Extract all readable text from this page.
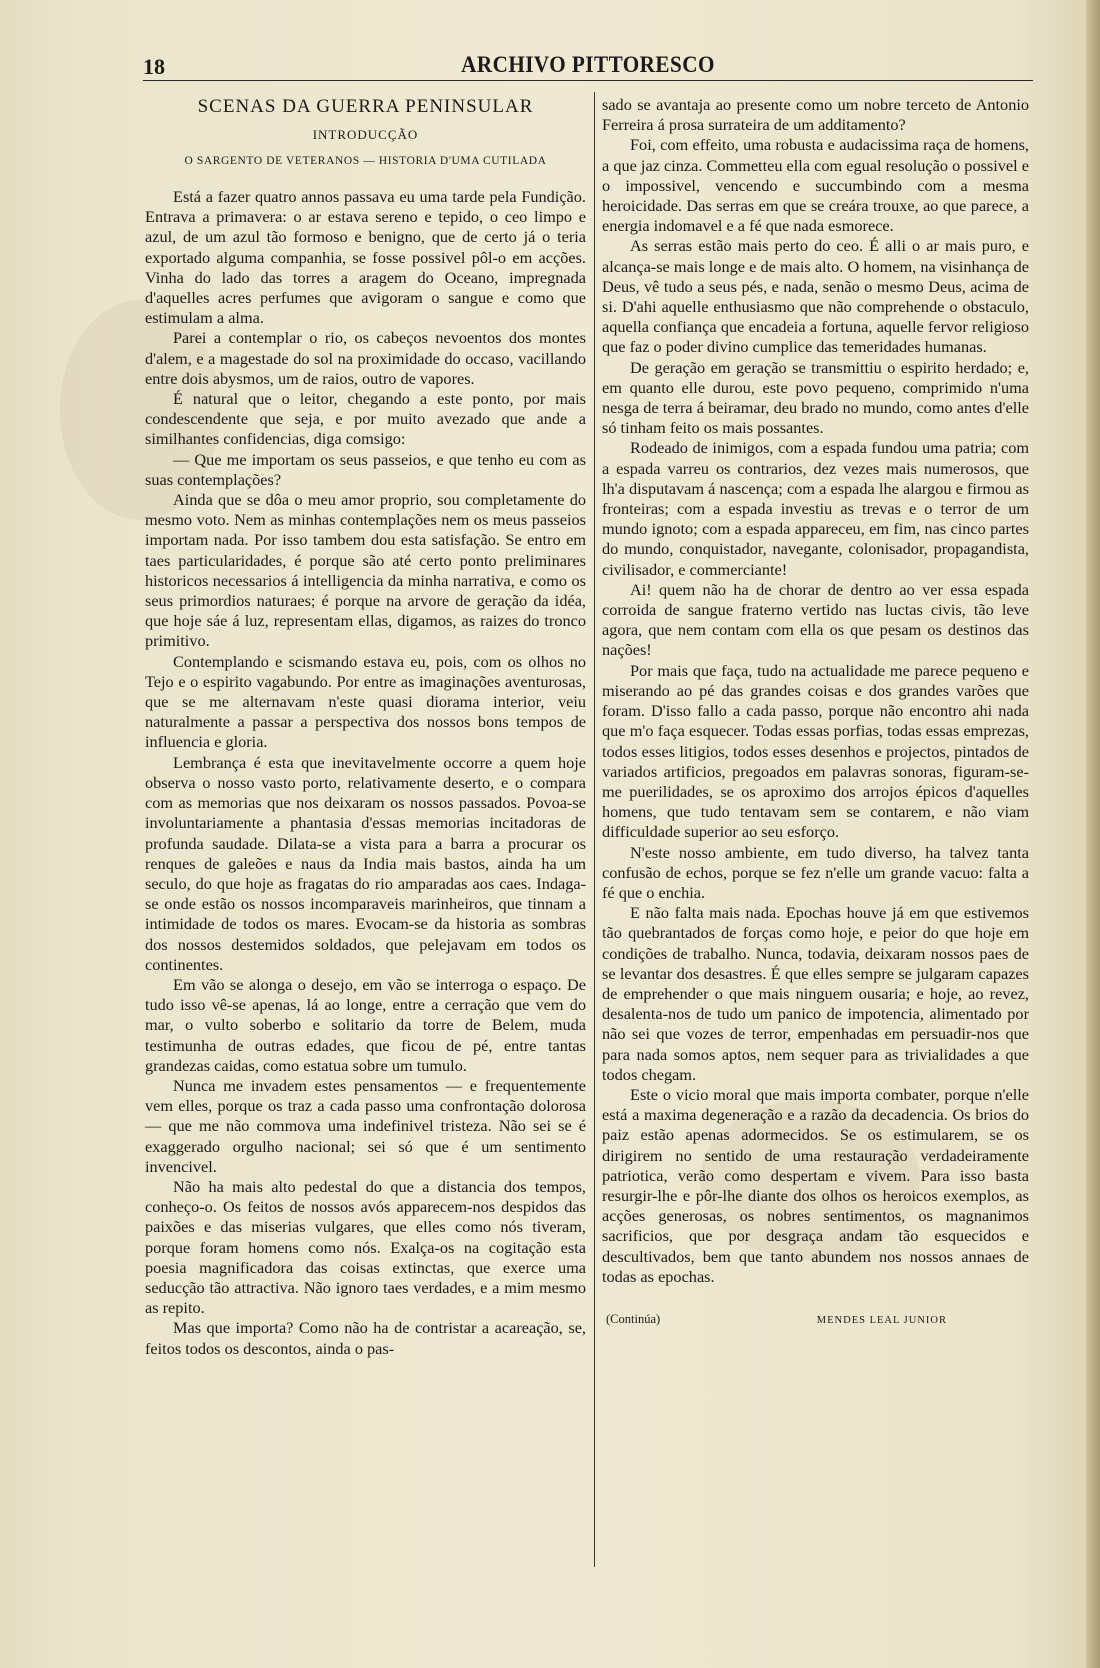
18	ARCHIVO PITTORESCO
SCENAS DA GUERRA PENINSULAR
INTRODUCÇÃO
O SARGENTO DE VETERANOS — HISTORIA D'UMA CUTILADA

Está a fazer quatro annos passava eu uma tarde pela Fundição. Entrava a primavera: o ar estava sereno e tepido, o ceo limpo e azul, de um azul tão formoso e benigno, que de certo já o teria exportado alguma companhia, se fosse possivel pôl-o em acções. Vinha do lado das torres a aragem do Oceano, impregnada d'aquelles acres perfumes que avigoram o sangue e como que estimulam a alma.

Parei a contemplar o rio, os cabeços nevoentos dos montes d'alem, e a magestade do sol na proximidade do occaso, vacillando entre dois abysmos, um de raios, outro de vapores.

É natural que o leitor, chegando a este ponto, por mais condescendente que seja, e por muito avezado que ande a similhantes confidencias, diga comsigo:

— Que me importam os seus passeios, e que tenho eu com as suas contemplações?

Ainda que se dôa o meu amor proprio, sou completamente do mesmo voto. Nem as minhas contemplações nem os meus passeios importam nada. Por isso tambem dou esta satisfação. Se entro em taes particularidades, é porque são até certo ponto preliminares historicos necessarios á intelligencia da minha narrativa, e como os seus primordios naturaes; é porque na arvore de geração da idéa, que hoje sáe á luz, representam ellas, digamos, as raizes do tronco primitivo.

Contemplando e scismando estava eu, pois, com os olhos no Tejo e o espirito vagabundo. Por entre as imaginações aventurosas, que se me alternavam n'este quasi diorama interior, veiu naturalmente a passar a perspectiva dos nossos bons tempos de influencia e gloria.

Lembrança é esta que inevitavelmente occorre a quem hoje observa o nosso vasto porto, relativamente deserto, e o compara com as memorias que nos deixaram os nossos passados. Povoa-se involuntariamente a phantasia d'essas memorias incitadoras de profunda saudade. Dilata-se a vista para a barra a procurar os renques de galeões e naus da India mais bastos, ainda ha um seculo, do que hoje as fragatas do rio amparadas aos caes. Indaga-se onde estão os nossos incomparaveis marinheiros, que tinnam a intimidade de todos os mares. Evocam-se da historia as sombras dos nossos destemidos soldados, que pelejavam em todos os continentes.

Em vão se alonga o desejo, em vão se interroga o espaço. De tudo isso vê-se apenas, lá ao longe, entre a cerração que vem do mar, o vulto soberbo e solitario da torre de Belem, muda testimunha de outras edades, que ficou de pé, entre tantas grandezas caidas, como estatua sobre um tumulo.

Nunca me invadem estes pensamentos — e frequentemente vem elles, porque os traz a cada passo uma confrontação dolorosa — que me não commova uma indefinivel tristeza. Não sei se é exaggerado orgulho nacional; sei só que é um sentimento invencivel.

Não ha mais alto pedestal do que a distancia dos tempos, conheço-o. Os feitos de nossos avós apparecem-nos despidos das paixões e das miserias vulgares, que elles como nós tiveram, porque foram homens como nós. Exalça-os na cogitação esta poesia magnificadora das coisas extinctas, que exerce uma seducção tão attractiva. Não ignoro taes verdades, e a mim mesmo as repito.

Mas que importa? Como não ha de contristar a acareação, se, feitos todos os descontos, ainda o pas-

sado se avantaja ao presente como um nobre terceto de Antonio Ferreira á prosa surrateira de um additamento?

Foi, com effeito, uma robusta e audacissima raça de homens, a que jaz cinza. Commetteu ella com egual resolução o possivel e o impossivel, vencendo e succumbindo com a mesma heroicidade. Das serras em que se creára trouxe, ao que parece, a energia indomavel e a fé que nada esmorece.

As serras estão mais perto do ceo. É alli o ar mais puro, e alcança-se mais longe e de mais alto. O homem, na visinhança de Deus, vê tudo a seus pés, e nada, senão o mesmo Deus, acima de si. D'ahi aquelle enthusiasmo que não comprehende o obstaculo, aquella confiança que encadeia a fortuna, aquelle fervor religioso que faz o poder divino cumplice das temeridades humanas.

De geração em geração se transmittiu o espirito herdado; e, em quanto elle durou, este povo pequeno, comprimido n'uma nesga de terra á beiramar, deu brado no mundo, como antes d'elle só tinham feito os mais possantes.

Rodeado de inimigos, com a espada fundou uma patria; com a espada varreu os contrarios, dez vezes mais numerosos, que lh'a disputavam á nascença; com a espada lhe alargou e firmou as fronteiras; com a espada investiu as trevas e o terror de um mundo ignoto; com a espada appareceu, em fim, nas cinco partes do mundo, conquistador, navegante, colonisador, propagandista, civilisador, e commerciante!

Ai! quem não ha de chorar de dentro ao ver essa espada corroida de sangue fraterno vertido nas luctas civis, tão leve agora, que nem contam com ella os que pesam os destinos das nações!

Por mais que faça, tudo na actualidade me parece pequeno e miserando ao pé das grandes coisas e dos grandes varões que foram. D'isso fallo a cada passo, porque não encontro ahi nada que m'o faça esquecer. Todas essas porfias, todas essas emprezas, todos esses litigios, todos esses desenhos e projectos, pintados de variados artificios, pregoados em palavras sonoras, figuram-se-me puerilidades, se os aproximo dos arrojos épicos d'aquelles homens, que tudo tentavam sem se contarem, e não viam difficuldade superior ao seu esforço.

N'este nosso ambiente, em tudo diverso, ha talvez tanta confusão de echos, porque se fez n'elle um grande vacuo: falta a fé que o enchia.

E não falta mais nada. Epochas houve já em que estivemos tão quebrantados de forças como hoje, e peior do que hoje em condições de trabalho. Nunca, todavia, deixaram nossos paes de se levantar dos desastres. É que elles sempre se julgaram capazes de emprehender o que mais ninguem ousaria; e hoje, ao revez, desalenta-nos de tudo um panico de impotencia, alimentado por não sei que vozes de terror, empenhadas em persuadir-nos que para nada somos aptos, nem sequer para as trivialidades a que todos chegam.

Este o vicio moral que mais importa combater, porque n'elle está a maxima degeneração e a razão da decadencia. Os brios do paiz estão apenas adormecidos. Se os estimularem, se os dirigirem no sentido de uma restauração verdadeiramente patriotica, verão como despertam e vivem. Para isso basta resurgir-lhe e pôr-lhe diante dos olhos os heroicos exemplos, as acções generosas, os nobres sentimentos, os magnanimos sacrificios, que por desgraça andam tão esquecidos e descultivados, bem que tanto abundem nos nossos annaes de todas as epochas.

(Continúa)	MENDES LEAL JUNIOR
